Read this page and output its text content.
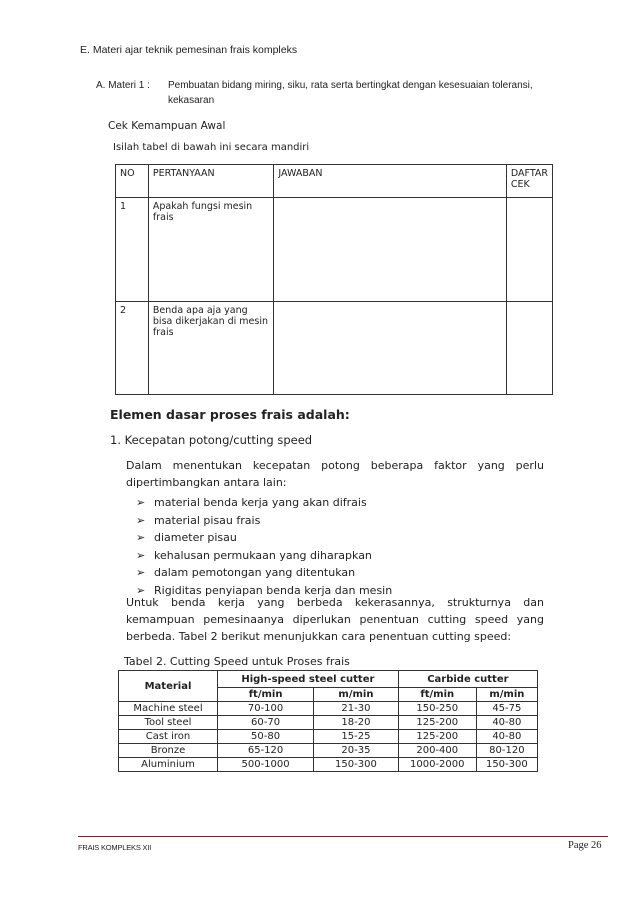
E. Materi ajar teknik pemesinan frais kompleks
A. Materi 1 : Pembuatan bidang miring, siku, rata serta bertingkat dengan kesesuaian toleransi, kekasaran
Cek Kemampuan Awal
Isilah tabel di bawah ini secara mandiri
NO	PERTANYAAN	JAWABAN	DAFTAR CEK
1	Apakah fungsi mesin frais		
2	Benda apa aja yang bisa dikerjakan di mesin frais		
Elemen dasar proses frais adalah:
1. Kecepatan potong/cutting speed
Dalam menentukan kecepatan potong beberapa faktor yang perlu dipertimbangkan antara lain:
➢ material benda kerja yang akan difrais
➢ material pisau frais
➢ diameter pisau
➢ kehalusan permukaan yang diharapkan
➢ dalam pemotongan yang ditentukan
➢ Rigiditas penyiapan benda kerja dan mesin
Untuk benda kerja yang berbeda kekerasannya, strukturnya dan kemampuan pemesinaanya diperlukan penentuan cutting speed yang berbeda. Tabel 2 berikut menunjukkan cara penentuan cutting speed:
Tabel 2. Cutting Speed untuk Proses frais
Material	High-speed steel cutter		Carbide cutter	
	ft/min	m/min	ft/min	m/min
Machine steel	70-100	21-30	150-250	45-75
Tool steel	60-70	18-20	125-200	40-80
Cast iron	50-80	15-25	125-200	40-80
Bronze	65-120	20-35	200-400	80-120
Aluminium	500-1000	150-300	1000-2000	150-300
FRAIS KOMPLEKS XII	Page 26
